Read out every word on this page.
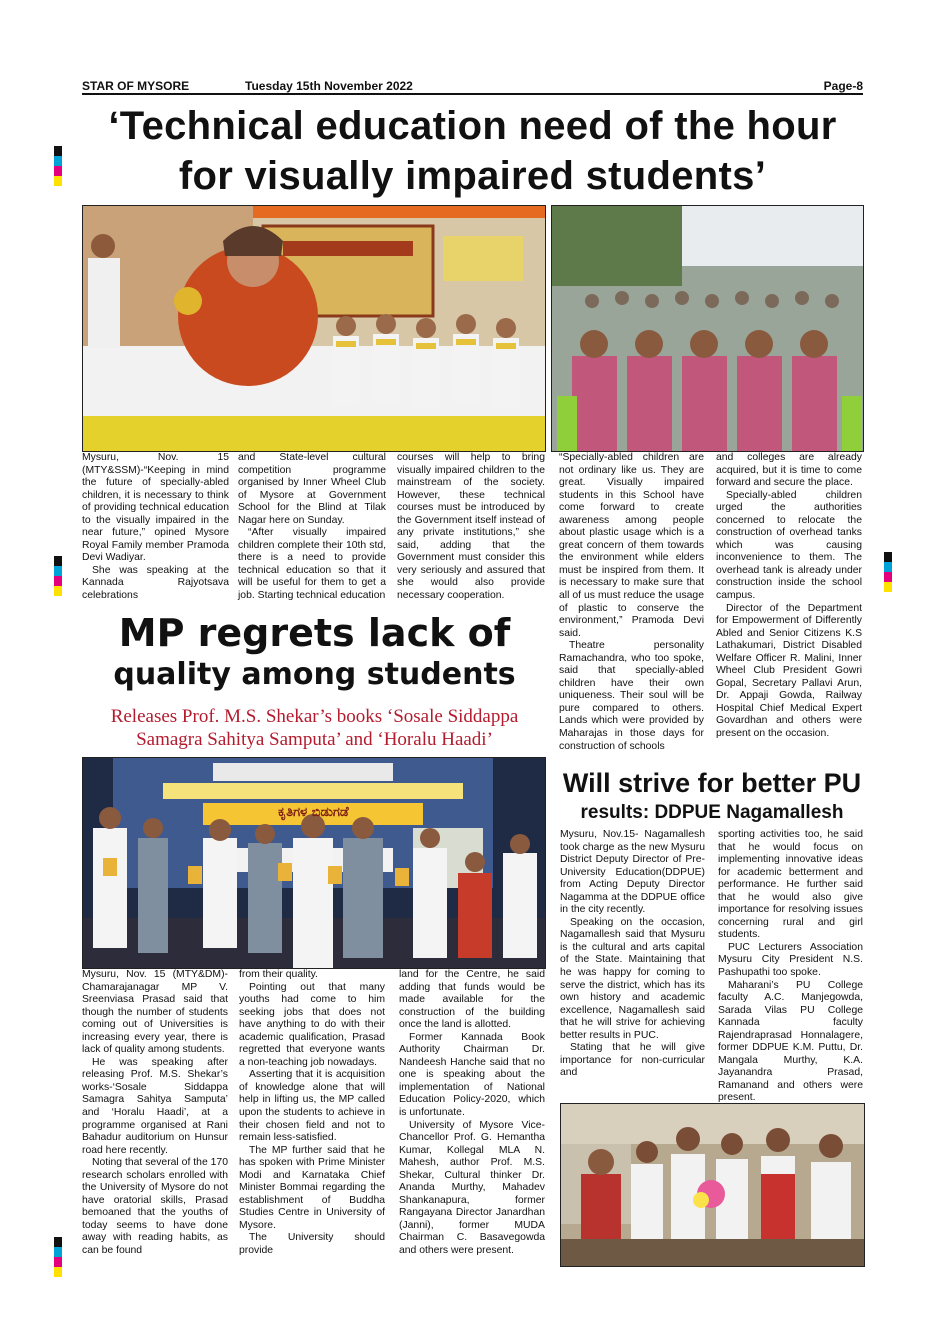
STAR OF MYSORE	Tuesday 15th November 2022	Page-8
‘Technical education need of the hour
for visually impaired students’

Mysuru, Nov. 15 (MTY&SSM)-“Keeping in mind the future of specially-abled children, it is necessary to think of providing technical education to the visually impaired in the near future,” opined Mysore Royal Family member Pramoda Devi Wadiyar.

She was speaking at the Kannada Rajyotsava celebrations

and State-level cultural competition programme organised by Inner Wheel Club of Mysore at Government School for the Blind at Tilak Nagar here on Sunday.

“After visually impaired children complete their 10th std, there is a need to provide technical education so that it will be useful for them to get a job. Starting technical education

courses will help to bring visually impaired children to the mainstream of the society. However, these technical courses must be introduced by the Government itself instead of any private institutions,” she said, adding that the Government must consider this very seriously and assured that she would also provide necessary cooperation.

“Specially-abled children are not ordinary like us. They are great. Visually impaired students in this School have come forward to create awareness among people about plastic usage which is a great concern of them towards the environment while elders must be inspired from them. It is necessary to make sure that all of us must reduce the usage of plastic to conserve the environment,” Pramoda Devi said.

Theatre personality Ramachandra, who too spoke, said that specially-abled children have their own uniqueness. Their soul will be pure compared to others. Lands which were provided by Maharajas in those days for construction of schools

and colleges are already acquired, but it is time to come forward and secure the place.

Specially-abled children urged the authorities concerned to relocate the construction of overhead tanks which was causing inconvenience to them. The overhead tank is already under construction inside the school campus.

Director of the Department for Empowerment of Differently Abled and Senior Citizens K.S Lathakumari, District Disabled Welfare Officer R. Malini, Inner Wheel Club President Gowri Gopal, Secretary Pallavi Arun, Dr. Appaji Gowda, Railway Hospital Chief Medical Expert Govardhan and others were present on the occasion.

MP regrets lack of
quality among students
Releases Prof. M.S. Shekar’s books ‘Sosale Siddappa
Samagra Sahitya Samputa’ and ‘Horalu Haadi’
ಕೃತಿಗಳ ಬಿಡುಗಡೆ

Mysuru, Nov. 15 (MTY&DM)-Chamarajanagar MP V. Sreenviasa Prasad said that though the number of students coming out of Universities is increasing every year, there is lack of quality among students.

He was speaking after releasing Prof. M.S. Shekar’s works-‘Sosale Siddappa Samagra Sahitya Samputa’ and ‘Horalu Haadi’, at a programme organised at Rani Bahadur auditorium on Hunsur road here recently.

Noting that several of the 170 research scholars enrolled with the University of Mysore do not have oratorial skills, Prasad bemoaned that the youths of today seems to have done away with reading habits, as can be found

from their quality.

Pointing out that many youths had come to him seeking jobs that does not have anything to do with their academic qualification, Prasad regretted that everyone wants a non-teaching job nowadays.

Asserting that it is acquisition of knowledge alone that will help in lifting us, the MP called upon the students to achieve in their chosen field and not to remain less-satisfied.

The MP further said that he has spoken with Prime Minister Modi and Karnataka Chief Minister Bommai regarding the establishment of Buddha Studies Centre in University of Mysore.

The University should provide

land for the Centre, he said adding that funds would be made available for the construction of the building once the land is allotted.

Former Kannada Book Authority Chairman Dr. Nandeesh Hanche said that no one is speaking about the implementation of National Education Policy-2020, which is unfortunate.

University of Mysore Vice-Chancellor Prof. G. Hemantha Kumar, Kollegal MLA N. Mahesh, author Prof. M.S. Shekar, Cultural thinker Dr. Ananda Murthy, Mahadev Shankanapura, former Rangayana Director Janardhan (Janni), former MUDA Chairman C. Basavegowda and others were present.

Will strive for better PU
results: DDPUE Nagamallesh

Mysuru, Nov.15- Nagamallesh took charge as the new Mysuru District Deputy Director of Pre-University Education(DDPUE) from Acting Deputy Director Nagamma at the DDPUE office in the city recently.

Speaking on the occasion, Nagamallesh said that Mysuru is the cultural and arts capital of the State. Maintaining that he was happy for coming to serve the district, which has its own history and academic excellence, Nagamallesh said that he will strive for achieving better results in PUC.

Stating that he will give importance for non-curricular and

sporting activities too, he said that he would focus on implementing innovative ideas for academic betterment and performance. He further said that he would also give importance for resolving issues concerning rural and girl students.

PUC Lecturers Association Mysuru City President N.S. Pashupathi too spoke.

Maharani’s PU College faculty A.C. Manjegowda, Sarada Vilas PU College Kannada faculty Rajendraprasad Honnalagere, former DDPUE K.M. Puttu, Dr. Mangala Murthy, K.A. Jayanandra Prasad, Ramanand and others were present.
